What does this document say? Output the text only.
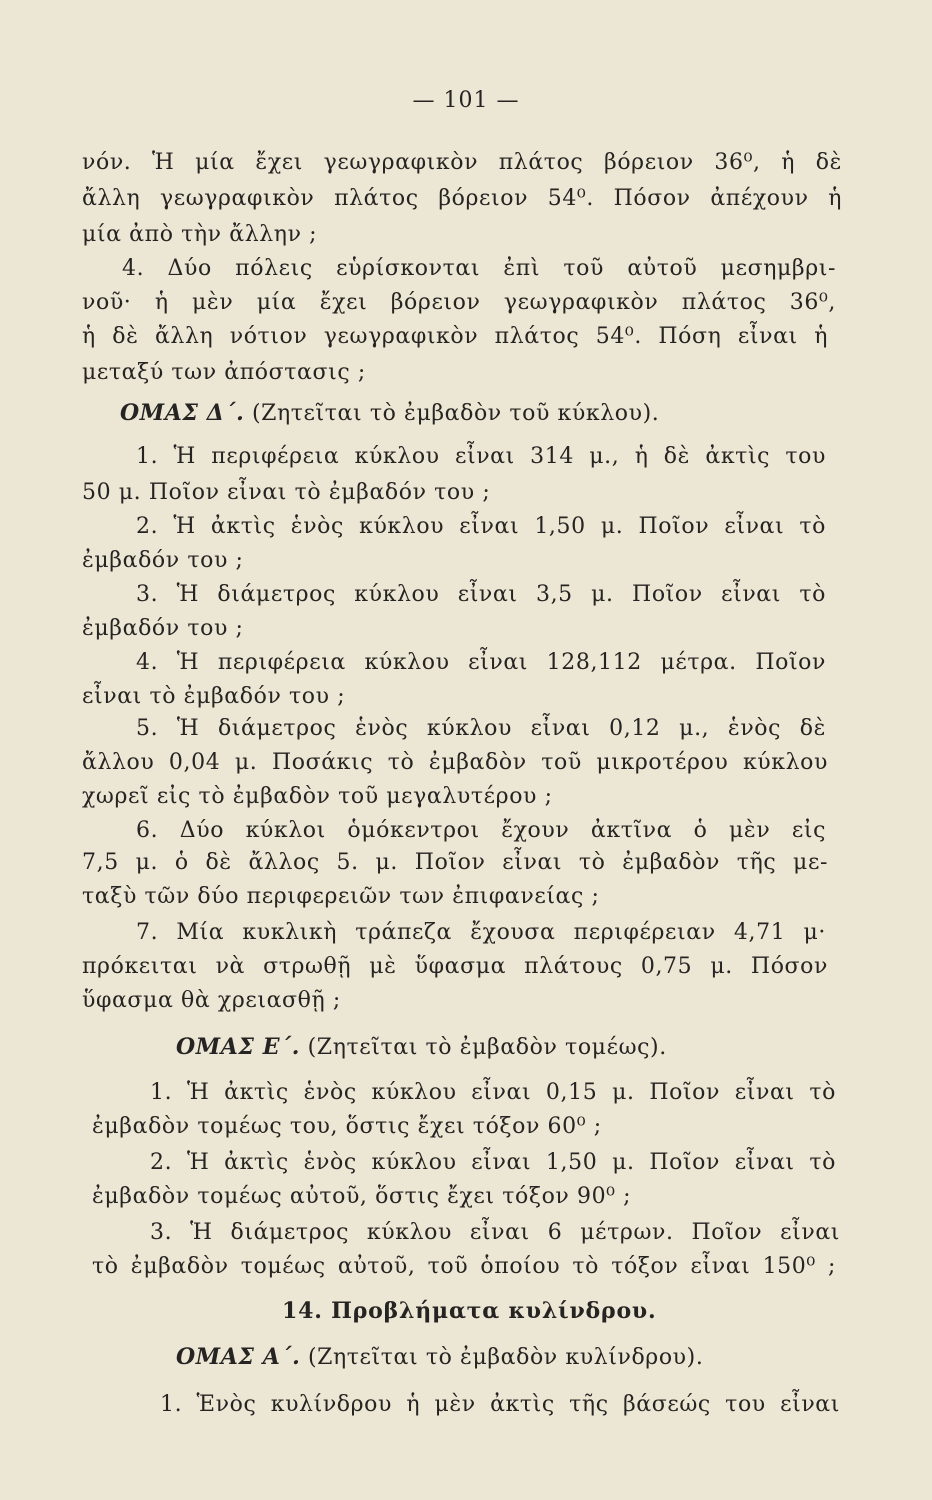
— 101 —
νόν. Ἡ μία ἔχει γεωγραφικὸν πλάτος βόρειον 36⁰, ἡ δὲ
ἄλλη γεωγραφικὸν πλάτος βόρειον 54⁰. Πόσον ἀπέχουν ἡ
μία ἀπὸ τὴν ἄλλην ;
4. Δύο πόλεις εὑρίσκονται ἐπὶ τοῦ αὐτοῦ μεσημβρι-
νοῦ· ἡ μὲν μία ἔχει βόρειον γεωγραφικὸν πλάτος 36⁰,
ἡ δὲ ἄλλη νότιον γεωγραφικὸν πλάτος 54⁰. Πόση εἶναι ἡ
μεταξύ των ἀπόστασις ;
ΟΜΑΣ Δ΄. (Ζητεῖται τὸ ἐμβαδὸν τοῦ κύκλου).
1. Ἡ περιφέρεια κύκλου εἶναι 314 μ., ἡ δὲ ἀκτὶς του
50 μ. Ποῖον εἶναι τὸ ἐμβαδόν του ;
2. Ἡ ἀκτὶς ἑνὸς κύκλου εἶναι 1,50 μ. Ποῖον εἶναι τὸ
ἐμβαδόν του ;
3. Ἡ διάμετρος κύκλου εἶναι 3,5 μ. Ποῖον εἶναι τὸ
ἐμβαδόν του ;
4. Ἡ περιφέρεια κύκλου εἶναι 128,112 μέτρα. Ποῖον
εἶναι τὸ ἐμβαδόν του ;
5. Ἡ διάμετρος ἑνὸς κύκλου εἶναι 0,12 μ., ἑνὸς δὲ
ἄλλου 0,04 μ. Ποσάκις τὸ ἐμβαδὸν τοῦ μικροτέρου κύκλου
χωρεῖ εἰς τὸ ἐμβαδὸν τοῦ μεγαλυτέρου ;
6. Δύο κύκλοι ὁμόκεντροι ἔχουν ἀκτῖνα ὁ μὲν εἰς
7,5 μ. ὁ δὲ ἄλλος 5. μ. Ποῖον εἶναι τὸ ἐμβαδὸν τῆς με-
ταξὺ τῶν δύο περιφερειῶν των ἐπιφανείας ;
7. Μία κυκλικὴ τράπεζα ἔχουσα περιφέρειαν 4,71 μ·
πρόκειται νὰ στρωθῇ μὲ ὕφασμα πλάτους 0,75 μ. Πόσον
ὕφασμα θὰ χρειασθῇ ;
ΟΜΑΣ Ε΄. (Ζητεῖται τὸ ἐμβαδὸν τομέως).
1. Ἡ ἀκτὶς ἑνὸς κύκλου εἶναι 0,15 μ. Ποῖον εἶναι τὸ
ἐμβαδὸν τομέως του, ὅστις ἔχει τόξον 60⁰ ;
2. Ἡ ἀκτὶς ἑνὸς κύκλου εἶναι 1,50 μ. Ποῖον εἶναι τὸ
ἐμβαδὸν τομέως αὐτοῦ, ὅστις ἔχει τόξον 90⁰ ;
3. Ἡ διάμετρος κύκλου εἶναι 6 μέτρων. Ποῖον εἶναι
τὸ ἐμβαδὸν τομέως αὐτοῦ, τοῦ ὁποίου τὸ τόξον εἶναι 150⁰ ;
14. Προβλήματα κυλίνδρου.
ΟΜΑΣ Α΄. (Ζητεῖται τὸ ἐμβαδὸν κυλίνδρου).
1. Ἑνὸς κυλίνδρου ἡ μὲν ἀκτὶς τῆς βάσεώς του εἶναι
